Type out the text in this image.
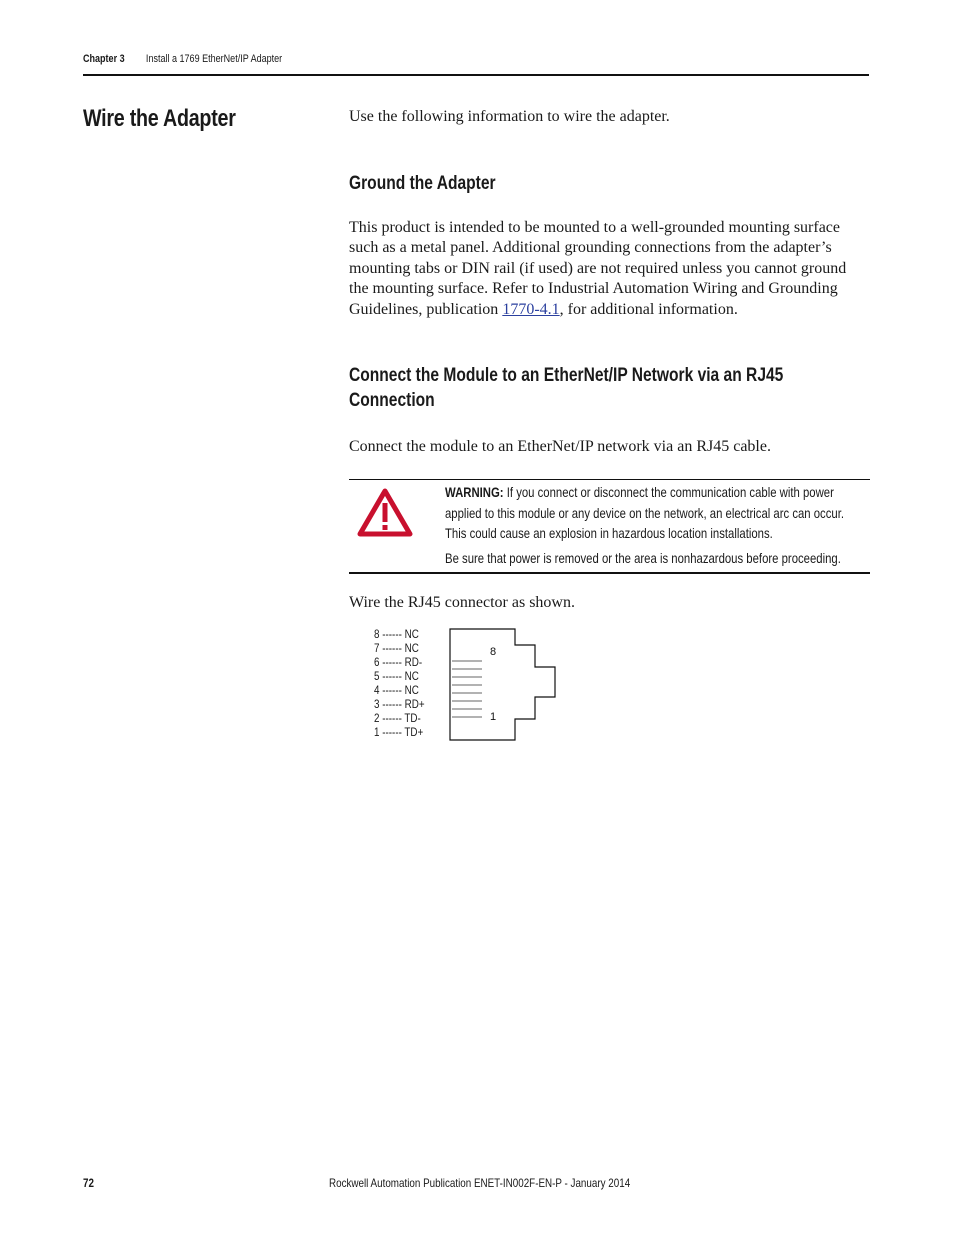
Chapter 3 Install a 1769 EtherNet/IP Adapter
Wire the Adapter	Use the following information to wire the adapter.
Ground the Adapter
This product is intended to be mounted to a well-grounded mounting surface such as a metal panel. Additional grounding connections from the adapter’s mounting tabs or DIN rail (if used) are not required unless you cannot ground the mounting surface. Refer to Industrial Automation Wiring and Grounding Guidelines, publication 1770-4.1, for additional information.
Connect the Module to an EtherNet/IP Network via an RJ45
Connection
Connect the module to an EtherNet/IP network via an RJ45 cable.

WARNING: If you connect or disconnect the communication cable with power applied to this module or any device on the network, an electrical arc can occur. This could cause an explosion in hazardous location installations.

Be sure that power is removed or the area is nonhazardous before proceeding.

Wire the RJ45 connector as shown.
8 ------ NC
7 ------ NC
6 ------ RD-
5 ------ NC
4 ------ NC
3 ------ RD+
2 ------ TD-
1 ------ TD+
8
1
72	Rockwell Automation Publication ENET-IN002F-EN-P - January 2014
